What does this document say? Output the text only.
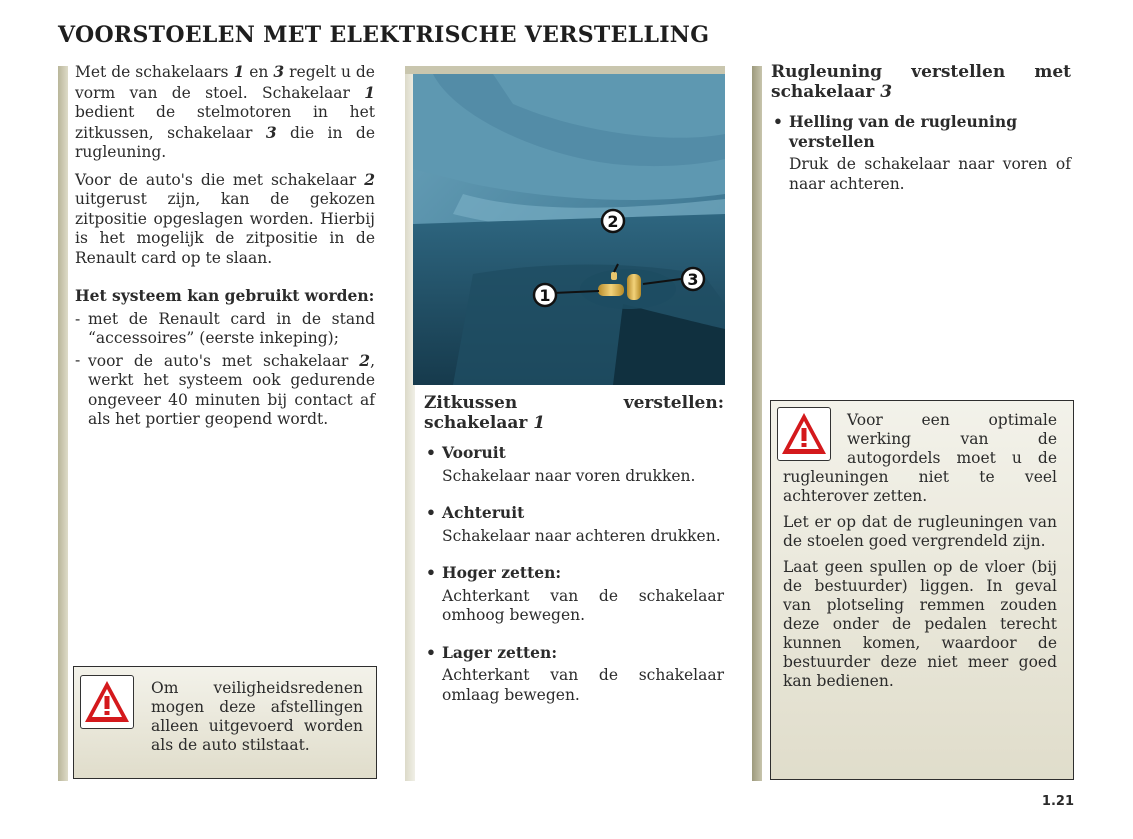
VOORSTOELEN MET ELEKTRISCHE VERSTELLING

Met de schakelaars 1 en 3 regelt u de vorm van de stoel. Schakelaar 1 bedient de stelmotoren in het zitkussen, schakelaar 3 die in de rugleuning.

Voor de auto's die met schakelaar 2 uitgerust zijn, kan de gekozen zitpositie opgeslagen worden. Hierbij is het mogelijk de zitpositie in de Renault card op te slaan.

Het systeem kan gebruikt worden:

- met de Renault card in de stand “accessoires” (eerste inkeping);
- voor de auto's met schakelaar 2, werkt het systeem ook gedurende ongeveer 40 minuten bij contact af als het portier geopend wordt.
Om veiligheidsredenen mogen deze afstellingen alleen uitgevoerd worden als de auto stilstaat.
2
1
3
Zitkussen verstellen: schakelaar 1
• Vooruit
Schakelaar naar voren drukken.
• Achteruit
Schakelaar naar achteren drukken.
• Hoger zetten:
Achterkant van de schakelaar omhoog bewegen.
• Lager zetten:
Achterkant van de schakelaar omlaag bewegen.
Rugleuning verstellen met schakelaar 3
• Helling van de rugleuning verstellen
Druk de schakelaar naar voren of naar achteren.
Voor een optimale werking van de autogordels moet u de rugleuningen niet te veel achterover zetten.
Let er op dat de rugleuningen van de stoelen goed vergrendeld zijn.
Laat geen spullen op de vloer (bij de bestuurder) liggen. In geval van plotseling remmen zouden deze onder de pedalen terecht kunnen komen, waardoor de bestuurder deze niet meer goed kan bedienen.
1.21
